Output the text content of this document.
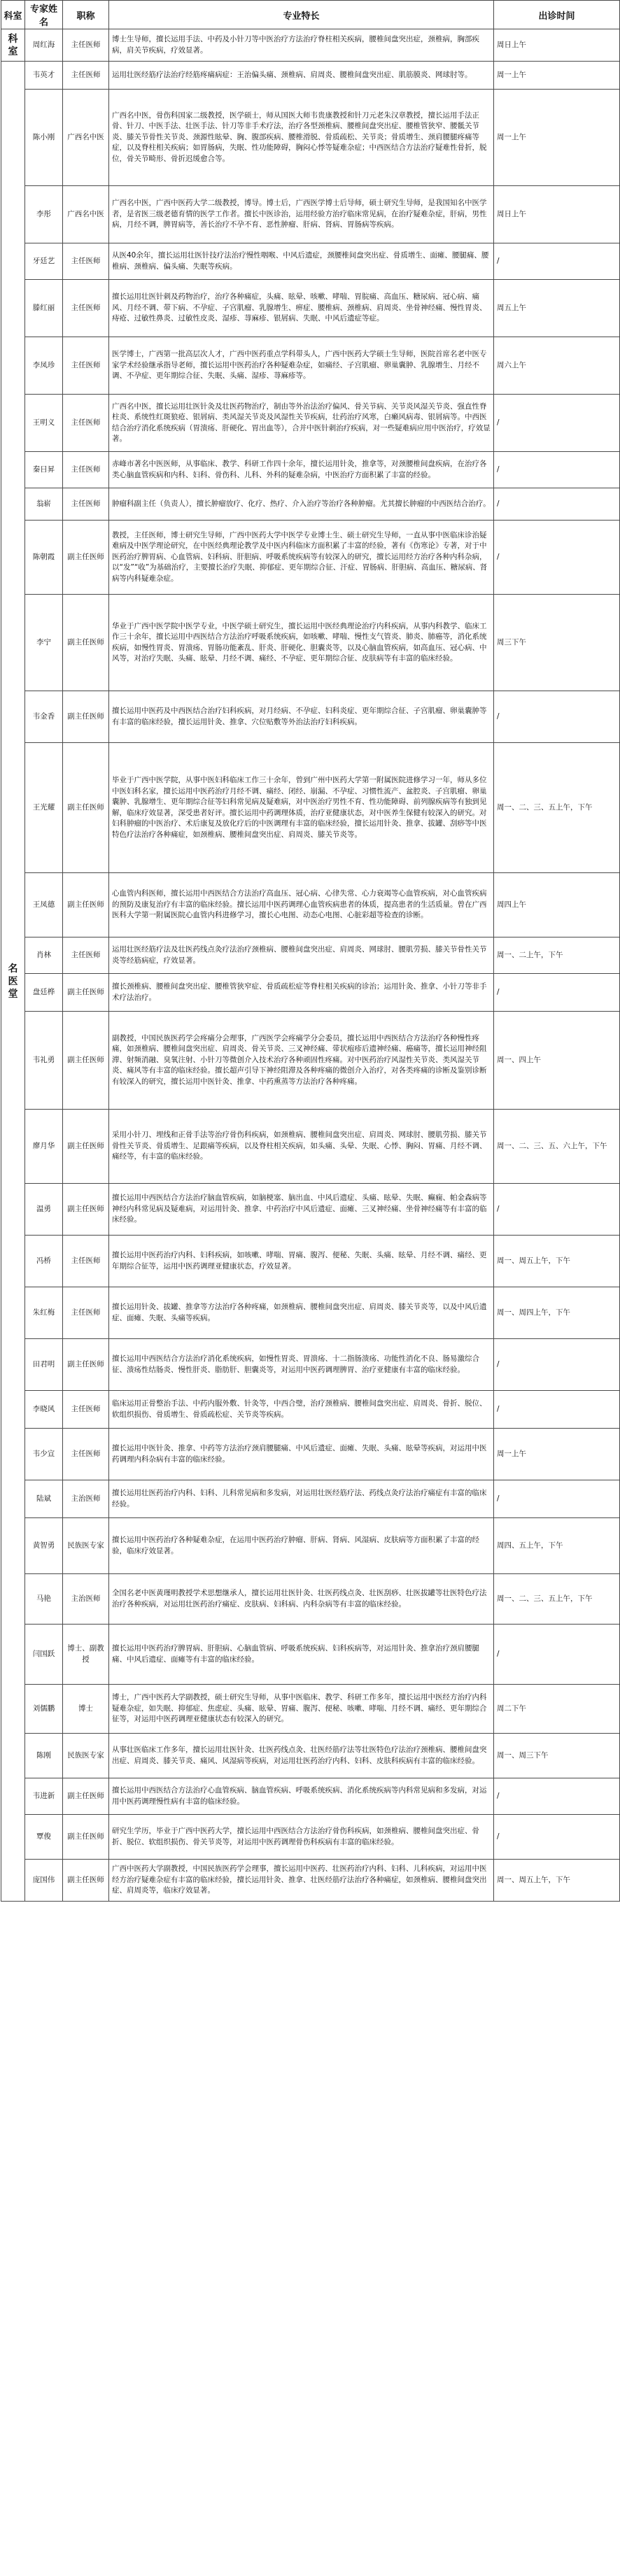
科室	专家姓名	职称	专业特长	出诊时间
科室	周红海	主任医师	博士生导师，擅长运用手法、中药及小针刀等中医治疗方法治疗脊柱相关疾病，腰椎间盘突出症，颈椎病，胸部疾病，肩关节疾病，疗效显著。	周日上午
名医堂	韦英才	主任医师	运用壮医经筋疗法治疗经筋疼痛病症：王治偏头痛、颈椎病、肩周炎、腰椎间盘突出症、肌筋膜炎、网球肘等。	周一上午
	陈小刚	广西名中医	广西名中医，骨伤科国家二级教授，医学硕士，师从国医大师韦贵康教授和针刀元老朱汉章教授，擅长运用手法正骨、针刀、中医手法、壮医手法、针刀等非手术疗法，治疗各型颈椎病、腰椎间盘突出症、腰椎管狭窄、腰骶关节炎、膝关节骨性关节炎、颈源性眩晕、胸、腹部疾病、腰椎滑脱、骨质疏松、关节炎；骨质增生、颈肩腰腿疼痛等症，以及脊柱相关疾病；如胃肠病，失眠、性功能障碍，胸闷心悸等疑难杂症；中西医结合方法治疗疑难性骨折，脱位，骨关节畸形、骨折迟缓愈合等。	周一上午
	李彤	广西名中医	广西名中医，广西中医药大学二级教授，博导。博士后，广西医学博士后导师，硕士研究生导师，是我国知名中医学者，是省医三级老德育情的医学工作者。擅长中医诊治，运用经验方治疗临床常见病，在治疗疑难杂症，肝病，男性病，月经不调，脾胃病等，善长治疗不孕不育、恶性肿瘤、肝病、肾病、胃肠病等疾病。	周日上午
	牙廷艺	主任医师	从医40余年，擅长运用壮医针技疗法治疗慢性咽喉、中风后遗症，颈腰椎间盘突出症、骨质增生、面瘫、腰腿痛、腰椎病、颈椎病、偏头痛、失眠等疾病。	/
	滕红丽	主任医师	擅长运用壮医针刺及药物治疗，治疗各种痛症，头痛、眩晕、咳嗽、哮喘、胃脘痛、高血压、糖尿病、冠心病、痛风、月经不调、带下病、不孕症、子宫肌瘤、乳腺增生、痹症、腰椎病、颈椎病、肩周炎、坐骨神经痛、慢性胃炎、痔疮、过敏性鼻炎、过敏性皮炎、湿疹、荨麻疹、银屑病、失眠、中风后遗症等症。	周五上午
	李凤珍	主任医师	医学博士，广西第一批高层次人才，广西中医药重点学科带头人，广西中医药大学硕士生导师，医院首席名老中医专家学术经验继承指导老师，擅长运用中医药治疗各种疑难杂症，如痛经、子宫肌瘤、卵巢囊肿、乳腺增生、月经不调、不孕症、更年期综合征、失眠、头痛、湿疹、荨麻疹等。	周六上午
	王明义	主任医师	广西名中医，擅长运用壮医针灸及壮医药物治疗，制由等外治法治疗偏风、骨关节病、关节炎风湿关节炎、强直性脊柱炎、系统性红斑狼疮、银屑病、类风湿关节炎及风湿性关节疾病，壮药治疗风寒，白癞风病毒、银屑病等。中西医结合治疗消化系统疾病（胃溃疡、肝硬化、胃出血等），合并中医针刺治疗疾病，对一些疑难病应用中医治疗，疗效显著。	/
	秦日昇	主任医师	赤峰市著名中医医师，从事临床、教学、科研工作四十余年，擅长运用针灸，推拿等，对颈腰椎间盘疾病，在治疗各类心脑血管疾病和内科、妇科、骨伤科、儿科、外科的疑难杂病，中医治疗方面积累了丰富的经验。	/
	翁崭	主任医师	肿瘤科副主任（负责人），擅长肿瘤放疗、化疗、热疗、介入治疗等治疗各种肿瘤。尤其擅长肿瘤的中西医结合治疗。	/
	陈朝霞	副主任医师	教授，主任医师，博士研究生导师，广西中医药大学中医学专业博士生、硕士研究生导师，一直从事中医临床诊治疑难病及中医学理论研究，在中医经典理论教学及中医内科临床方面积累了丰富的经验，著有《伤寒论》专著，对于中医药治疗脾胃病、心血管病、妇科病、肝胆病、呼吸系统疾病等有较深入的研究，擅长运用经方治疗各种内科杂病，以“发”“收”为基础治疗，主要擅长治疗失眠、抑郁症、更年期综合征、汗症、胃肠病、肝胆病、高血压、糖尿病、肾病等内科疑难杂症。	/
	李宁	副主任医师	华业于广西中医学院中医学专业，中医学硕士研究生，擅长运用中医经典理论治疗内科疾病，从事内科教学、临床工作三十余年，擅长运用中西医结合方法治疗呼吸系统疾病，如咳嗽、哮喘、慢性支气管炎、肺炎、肺癌等，消化系统疾病，如慢性胃炎、胃溃疡、胃肠功能紊乱、肝炎、肝硬化、胆囊炎等，以及心脑血管疾病，如高血压、冠心病、中风等，对治疗失眠、头痛、眩晕、月经不调、痛经、不孕症、更年期综合征、皮肤病等有丰富的临床经验。	周三下午
	韦金香	副主任医师	擅长运用中医药及中西医结合治疗妇科疾病，对月经病、不孕症、妇科炎症、更年期综合征、子宫肌瘤、卵巢囊肿等有丰富的临床经验，擅长运用针灸、推拿、穴位贴敷等外治法治疗妇科疾病。	/
	王光耀	副主任医师	毕业于广西中医学院，从事中医妇科临床工作三十余年，曾到广州中医药大学第一附属医院进修学习一年，师从多位中医妇科名家，擅长运用中医药治疗月经不调、痛经、闭经、崩漏、不孕症、习惯性流产、盆腔炎、子宫肌瘤、卵巢囊肿、乳腺增生、更年期综合征等妇科常见病及疑难病，对中医治疗男性不育、性功能障碍、前列腺疾病等有独到见解，临床疗效显著，深受患者好评。擅长运用中药调理体质，治疗亚健康状态，对中医养生保健有较深入的研究。对妇科肿瘤的中医治疗、术后康复及放化疗后的中医调理有丰富的临床经验，擅长运用针灸、推拿、拔罐、刮痧等中医特色疗法治疗各种痛症，如颈椎病、腰椎间盘突出症、肩周炎、膝关节炎等。	周一、二、三、五上午，下午
	王凤德	副主任医师	心血管内科医师，擅长运用中西医结合方法治疗高血压、冠心病、心律失常、心力衰竭等心血管疾病，对心血管疾病的预防及康复治疗有丰富的临床经验。擅长运用中医药调理心血管疾病患者的体质，提高患者的生活质量。曾在广西医科大学第一附属医院心血管内科进修学习，擅长心电图、动态心电图、心脏彩超等检查的诊断。	周四上午
	肖林	主任医师	运用壮医经筋疗法及壮医药线点灸疗法治疗颈椎病、腰椎间盘突出症、肩周炎、网球肘、腰肌劳损、膝关节骨性关节炎等经筋病症，疗效显著。	周一、二上午，下午
	盘廷桦	副主任医师	擅长颈椎病、腰椎间盘突出症、腰椎管狭窄症、骨质疏松症等脊柱相关疾病的诊治；运用针灸、推拿、小针刀等非手术疗法治疗。	/
	韦礼勇	副主任医师	副教授，中国民族医药学会疼痛分会理事，广西医学会疼痛学分会委员，擅长运用中西医结合方法治疗各种慢性疼痛，如颈椎病、腰椎间盘突出症、肩周炎、骨关节炎、三叉神经痛、带状疱疹后遗神经痛、癌痛等，擅长运用神经阻滞、射频消融、臭氧注射、小针刀等微创介入技术治疗各种顽固性疼痛。对中医药治疗风湿性关节炎、类风湿关节炎、痛风等有丰富的临床经验。擅长超声引导下神经阻滞及各种疼痛的微创介入治疗，对各类疼痛的诊断及鉴别诊断有较深入的研究，擅长运用中医针灸、推拿、中药熏蒸等方法治疗各种疼痛。	周一、四上午
	廖月华	副主任医师	采用小针刀、埋线和正骨手法等治疗骨伤科疾病，如颈椎病、腰椎间盘突出症、肩周炎、网球肘、腰肌劳损、膝关节骨性关节炎、骨质增生、足跟痛等疾病，以及脊柱相关疾病，如头痛、头晕、失眠、心悸、胸闷、胃痛、月经不调、痛经等，有丰富的临床经验。	周一、二、三、五、六上午，下午
	温勇	副主任医师	擅长运用中西医结合方法治疗脑血管疾病，如脑梗塞、脑出血、中风后遗症、头痛、眩晕、失眠、癫痫、帕金森病等神经内科常见病及疑难病，对运用针灸、推拿、中药治疗中风后遗症、面瘫、三叉神经痛、坐骨神经痛等有丰富的临床经验。	/
	冯桥	主任医师	擅长运用中医药治疗内科、妇科疾病，如咳嗽、哮喘、胃痛、腹泻、便秘、失眠、头痛、眩晕、月经不调、痛经、更年期综合征等，运用中医药调理亚健康状态，疗效显著。	周一、周五上午，下午
	朱红梅	主任医师	擅长运用针灸、拔罐、推拿等方法治疗各种疼痛，如颈椎病、腰椎间盘突出症、肩周炎、膝关节炎等，以及中风后遗症、面瘫、失眠、头痛等疾病。	周一、周四上午，下午
	田君明	副主任医师	擅长运用中西医结合方法治疗消化系统疾病，如慢性胃炎、胃溃疡、十二指肠溃疡、功能性消化不良、肠易激综合征、溃疡性结肠炎、慢性肝炎、脂肪肝、胆囊炎等，对运用中医药调理脾胃、治疗亚健康有丰富的临床经验。	/
	李晓风	主任医师	临床运用正骨整治手法、中药内服外敷、针灸等，中西合璧，治疗颈椎病、腰椎间盘突出症、肩周炎、骨折、脱位、软组织损伤、骨质增生、骨质疏松症、关节炎等疾病。	/
	韦少宣	主任医师	擅长运用中医针灸、推拿、中药等方法治疗颈肩腰腿痛、中风后遗症、面瘫、失眠、头痛、眩晕等疾病，对运用中医药调理内科杂病有丰富的临床经验。	周一上午
	陆斌	主治医师	擅长运用壮医药治疗内科、妇科、儿科常见病和多发病，对运用壮医经筋疗法、药线点灸疗法治疗痛症有丰富的临床经验。	/
	黄智勇	民族医专家	擅长运用中医药治疗各种疑难杂症，在运用中医药治疗肿瘤、肝病、肾病、风湿病、皮肤病等方面积累了丰富的经验，临床疗效显著。	周四、五上午，下午
	马艳	主治医师	全国名老中医黄瑾明教授学术思想继承人，擅长运用壮医针灸、壮医药线点灸、壮医刮痧、壮医拔罐等壮医特色疗法治疗各种疾病，对运用壮医药治疗痛症、皮肤病、妇科病、内科杂病等有丰富的临床经验。	周一、二、三、五上午，下午
	闫国跃	博士、副教授	擅长运用中医药治疗脾胃病、肝胆病、心脑血管病、呼吸系统疾病、妇科疾病等，对运用针灸、推拿治疗颈肩腰腿痛、中风后遗症、面瘫等有丰富的临床经验。	/
	刘儒鹏	博士	博士，广西中医药大学副教授，硕士研究生导师，从事中医临床、教学、科研工作多年，擅长运用中医经方治疗内科疑难杂症，如失眠、抑郁症、焦虑症、头痛、眩晕、胃痛、腹泻、便秘、咳嗽、哮喘、月经不调、痛经、更年期综合征等，对运用中医药调理亚健康状态有较深入的研究。	周二下午
	陈刚	民族医专家	从事壮医临床工作多年，擅长运用壮医针灸、壮医药线点灸、壮医经筋疗法等壮医特色疗法治疗颈椎病、腰椎间盘突出症、肩周炎、膝关节炎、痛风、风湿病等疾病，对运用壮医药治疗内科、妇科、皮肤科疾病有丰富的临床经验。	周一、周三下午
	韦进新	副主任医师	擅长运用中西医结合方法治疗心血管疾病、脑血管疾病、呼吸系统疾病、消化系统疾病等内科常见病和多发病，对运用中医药调理慢性病有丰富的临床经验。	/
	覃俊	副主任医师	研究生学历，毕业于广西中医药大学，擅长运用中西医结合方法治疗骨伤科疾病，如颈椎病、腰椎间盘突出症、骨折、脱位、软组织损伤、骨关节炎等，对运用中医药调理骨伤科疾病有丰富的临床经验。	/
	庞国伟	副主任医师	广西中医药大学副教授，中国民族医药学会理事，擅长运用中医药、壮医药治疗内科、妇科、儿科疾病，对运用中医经方治疗疑难杂症有丰富的临床经验，擅长运用针灸、推拿、壮医经筋疗法治疗各种痛症，如颈椎病、腰椎间盘突出症、肩周炎等，临床疗效显著。	周一、周五上午，下午
